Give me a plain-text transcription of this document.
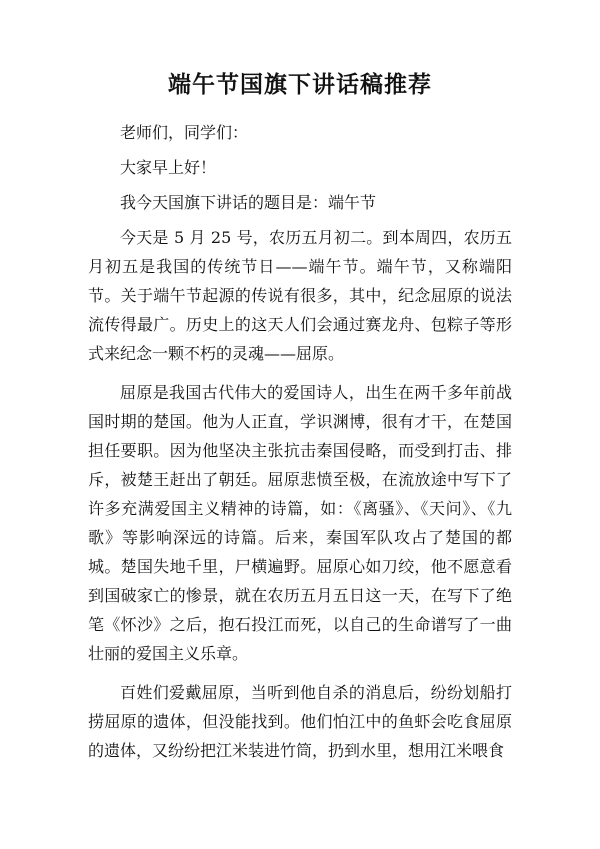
端午节国旗下讲话稿推荐

老师们，同学们：

大家早上好！

我今天国旗下讲话的题目是：端午节

今天是 5 月 25 号，农历五月初二。到本周四，农历五月初五是我国的传统节日——端午节。端午节，又称端阳节。关于端午节起源的传说有很多，其中，纪念屈原的说法流传得最广。历史上的这天人们会通过赛龙舟、包粽子等形式来纪念一颗不朽的灵魂——屈原。

屈原是我国古代伟大的爱国诗人，出生在两千多年前战国时期的楚国。他为人正直，学识渊博，很有才干，在楚国担任要职。因为他坚决主张抗击秦国侵略，而受到打击、排斥，被楚王赶出了朝廷。屈原悲愤至极，在流放途中写下了许多充满爱国主义精神的诗篇，如：《离骚》、《天问》、《九歌》等影响深远的诗篇。后来，秦国军队攻占了楚国的都城。楚国失地千里，尸横遍野。屈原心如刀绞，他不愿意看到国破家亡的惨景，就在农历五月五日这一天，在写下了绝笔《怀沙》之后，抱石投江而死，以自己的生命谱写了一曲壮丽的爱国主义乐章。

百姓们爱戴屈原，当听到他自杀的消息后，纷纷划船打捞屈原的遗体，但没能找到。他们怕江中的鱼虾会吃食屈原的遗体，又纷纷把江米装进竹筒，扔到水里，想用江米喂食
